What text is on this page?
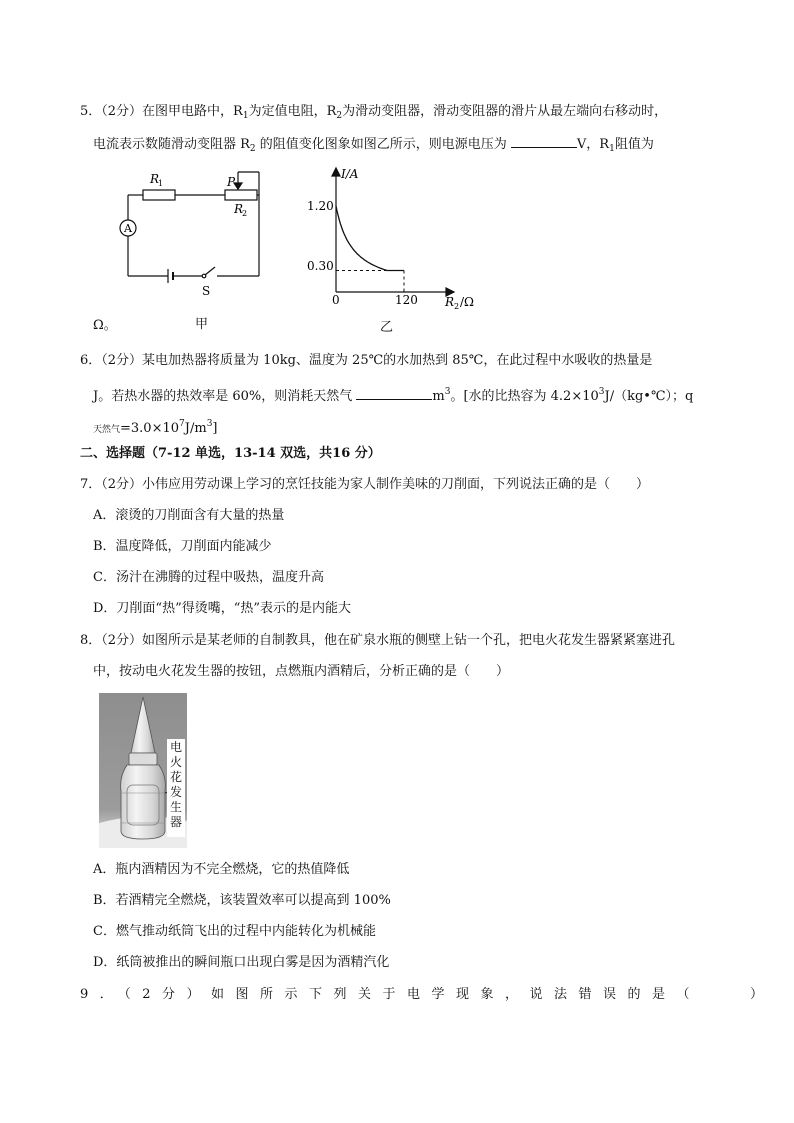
5．（2分）在图甲电路中，$R_1$为定值电阻，$R_2$为滑动变阻器，滑动变阻器的滑片从最左端向右移动时，
电流表示数随滑动变阻器 $R_2$ 的阻值变化图象如图乙所示，则电源电压为	V，$R_1$阻值为
A
R
1	P
R
2
S
Ω。	甲
I/A
1.20
0.30
0	120 R 2 /Ω
乙
6．（2分）某电加热器将质量为 10kg、温度为 25℃的水加热到 85℃，在此过程中水吸收的热量是
J。若热水器的热效率是 60%，则消耗天然气	$m^3$。[水的比热容为 $4.2\times 10^3J/(kg•℃)$；q
天然气$=3.0\times 10^7J/m^3$]
二、选择题（7-12 单选，13-14 双选，共16 分）
7．（2分）小伟应用劳动课上学习的烹饪技能为家人制作美味的刀削面，下列说法正确的是（　　）
A．滚烫的刀削面含有大量的热量
B．温度降低，刀削面内能减少
C．汤汁在沸腾的过程中吸热，温度升高
D．刀削面“热”得烫嘴，“热”表示的是内能大
8．（2分）如图所示是某老师的自制教具，他在矿泉水瓶的侧壁上钻一个孔，把电火花发生器紧紧塞进孔
中，按动电火花发生器的按钮，点燃瓶内酒精后，分析正确的是（　　）
电
火
花
发
生
器
A．瓶内酒精因为不完全燃烧，它的热值降低
B．若酒精完全燃烧，该装置效率可以提高到 100%
C．燃气推动纸筒飞出的过程中内能转化为机械能
D．纸筒被推出的瞬间瓶口出现白雾是因为酒精汽化
9．（2分）如图所示下列关于电学现象，说法错误的是（　　）
